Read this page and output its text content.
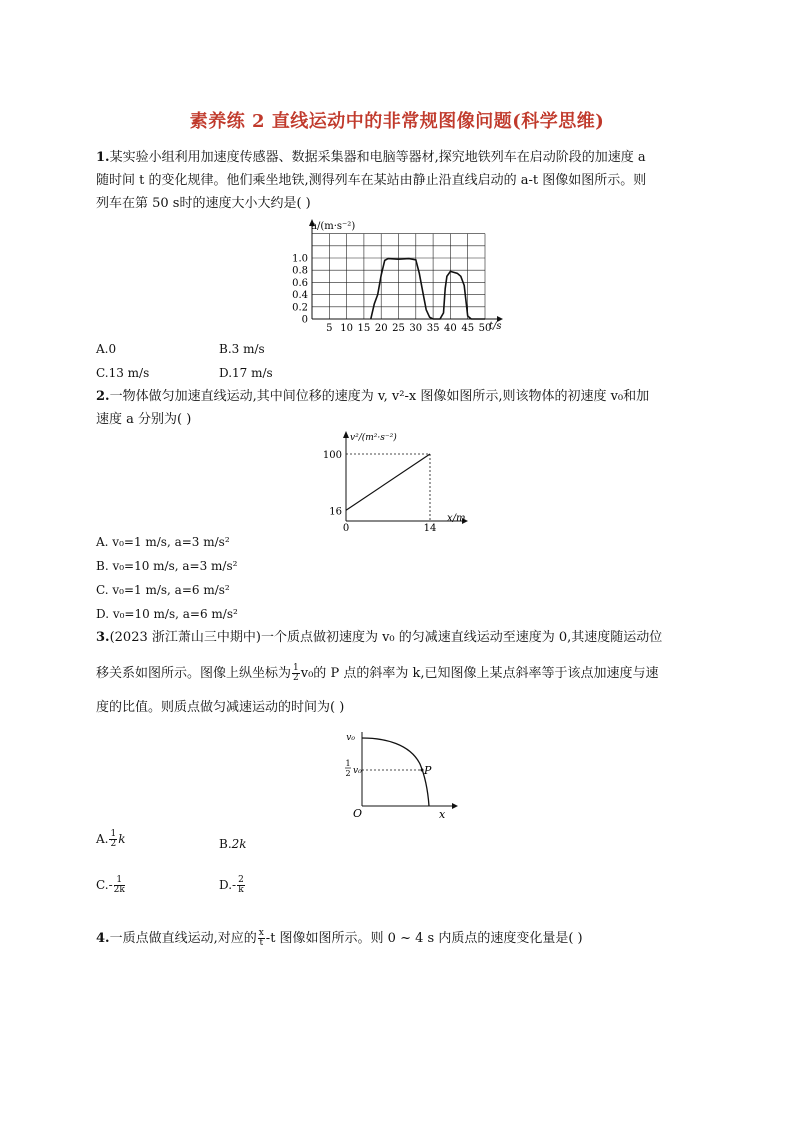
素养练 2 直线运动中的非常规图像问题(科学思维)
1.某实验小组利用加速度传感器、数据采集器和电脑等器材,探究地铁列车在启动阶段的加速度 a
随时间 t 的变化规律。他们乘坐地铁,测得列车在某站由静止沿直线启动的 a-t 图像如图所示。则
列车在第 50 s时的速度大小大约是( )
a/(m·s⁻²)
t/s
1.0
0.8
0.6
0.4
0.2
0
5 10 15 20 25 30 35 40 45 50
A.0	B.3 m/s
C.13 m/s	D.17 m/s
2.一物体做匀加速直线运动,其中间位移的速度为 v, v²-x 图像如图所示,则该物体的初速度 v₀和加
速度 a 分别为( )
v²/(m²·s⁻²)
x/m
100
16
0	14
A. v₀=1 m/s, a=3 m/s²
B. v₀=10 m/s, a=3 m/s²
C. v₀=1 m/s, a=6 m/s²
D. v₀=10 m/s, a=6 m/s²
3.(2023 浙江萧山三中期中)一个质点做初速度为 v₀ 的匀减速直线运动至速度为 0,其速度随运动位
移关系如图所示。图像上纵坐标为 $\frac{1}{2} v_0$的 P 点的斜率为 k,已知图像上某点斜率等于该点加速度与速
度的比值。则质点做匀减速运动的时间为( )
v₀
1
2 v₀	P
O	x
A. $\frac{1}{2}$ k	B.2k
$C.- \frac{1}{2k}$	$D.- \frac{2}{k}$
4.一质点做直线运动,对应的 $\frac{x}{t} -t$ 图像如图所示。则 0 ~ 4 s 内质点的速度变化量是( )
